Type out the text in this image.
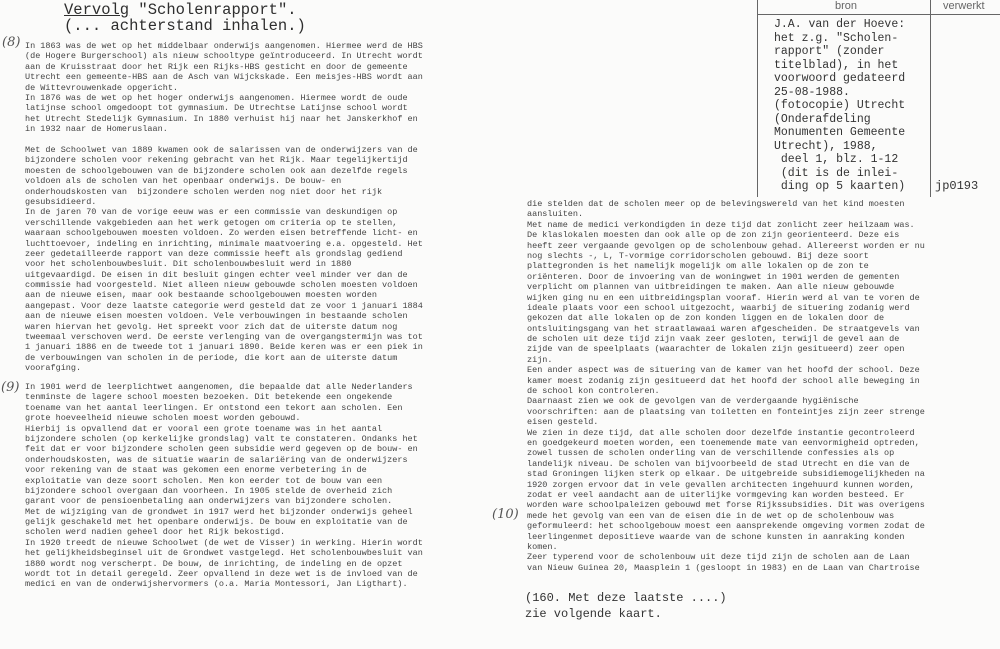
Vervolg "Scholenrapport".
(... achterstand inhalen.)
(8)
(9)
(10)
bron	verwerkt
J.A. van der Hoeve:
het z.g. "Scholen-
rapport" (zonder
titelblad), in het
voorwoord gedateerd
25-08-1988.
(fotocopie) Utrecht
(Onderafdeling
Monumenten Gemeente
Utrecht), 1988,
deel 1, blz. 1-12
(dit is de inlei-
ding op 5 kaarten) jp0193
In 1863 was de wet op het middelbaar onderwijs aangenomen. Hiermee werd de HBS
(de Hogere Burgerschool) als nieuw schooltype geïntroduceerd. In Utrecht wordt
aan de Kruisstraat door het Rijk een Rijks-HBS gesticht en door de gemeente
Utrecht een gemeente-HBS aan de Asch van Wijckskade. Een meisjes-HBS wordt aan
de Wittevrouwenkade opgericht.
In 1876 was de wet op het hoger onderwijs aangenomen. Hiermee wordt de oude
latijnse school omgedoopt tot gymnasium. De Utrechtse Latijnse school wordt
het Utrecht Stedelijk Gymnasium. In 1880 verhuist hij naar het Janskerkhof en
in 1932 naar de Homeruslaan.
Met de Schoolwet van 1889 kwamen ook de salarissen van de onderwijzers van de
bijzondere scholen voor rekening gebracht van het Rijk. Maar tegelijkertijd
moesten de schoolgebouwen van de bijzondere scholen ook aan dezelfde regels
voldoen als de scholen van het openbaar onderwijs. De bouw- en
onderhoudskosten van  bijzondere scholen werden nog niet door het rijk
gesubsidieerd.
In de jaren 70 van de vorige eeuw was er een commissie van deskundigen op
verschillende vakgebieden aan het werk getogen om criteria op te stellen,
waaraan schoolgebouwen moesten voldoen. Zo werden eisen betreffende licht- en
luchttoevoer, indeling en inrichting, minimale maatvoering e.a. opgesteld. Het
zeer gedetailleerde rapport van deze commissie heeft als grondslag gediend
voor het scholenbouwbesluit. Dit scholenbouwbesluit werd in 1880
uitgevaardigd. De eisen in dit besluit gingen echter veel minder ver dan de
commissie had voorgesteld. Niet alleen nieuw gebouwde scholen moesten voldoen
aan de nieuwe eisen, maar ook bestaande schoolgebouwen moesten worden
aangepast. Voor deze laatste categorie werd gesteld dat ze voor 1 januari 1884
aan de nieuwe eisen moesten voldoen. Vele verbouwingen in bestaande scholen
waren hiervan het gevolg. Het spreekt voor zich dat de uiterste datum nog
tweemaal verschoven werd. De eerste verlenging van de overgangstermijn was tot
1 januari 1886 en de tweede tot 1 januari 1890. Beide keren was er een piek in
de verbouwingen van scholen in de periode, die kort aan de uiterste datum
voorafging.
In 1901 werd de leerplichtwet aangenomen, die bepaalde dat alle Nederlanders
tenminste de lagere school moesten bezoeken. Dit betekende een ongekende
toename van het aantal leerlingen. Er ontstond een tekort aan scholen. Een
grote hoeveelheid nieuwe scholen moest worden gebouwd.
Hierbij is opvallend dat er vooral een grote toename was in het aantal
bijzondere scholen (op kerkelijke grondslag) valt te constateren. Ondanks het
feit dat er voor bijzondere scholen geen subsidie werd gegeven op de bouw- en
onderhoudskosten, was de situatie waarin de salariëring van de onderwijzers
voor rekening van de staat was gekomen een enorme verbetering in de
exploitatie van deze soort scholen. Men kon eerder tot de bouw van een
bijzondere school overgaan dan voorheen. In 1905 stelde de overheid zich
garant voor de pensioenbetaling aan onderwijzers van bijzondere scholen.
Met de wijziging van de grondwet in 1917 werd het bijzonder onderwijs geheel
gelijk geschakeld met het openbare onderwijs. De bouw en exploitatie van de
scholen werd nadien geheel door het Rijk bekostigd.
In 1920 treedt de nieuwe Schoolwet (de wet de Visser) in werking. Hierin wordt
het gelijkheidsbeginsel uit de Grondwet vastgelegd. Het scholenbouwbesluit van
1880 wordt nog verscherpt. De bouw, de inrichting, de indeling en de opzet
wordt tot in detail geregeld. Zeer opvallend in deze wet is de invloed van de
medici en van de onderwijshervormers (o.a. Maria Montessori, Jan Ligthart).
die stelden dat de scholen meer op de belevingswereld van het kind moesten
aansluiten.
Met name de medici verkondigden in deze tijd dat zonlicht zeer heilzaam was.
De klaslokalen moesten dan ook alle op de zon zijn georienteerd. Deze eis
heeft zeer vergaande gevolgen op de scholenbouw gehad. Allereerst worden er nu
nog slechts -, L, T-vormige corridorscholen gebouwd. Bij deze soort
plattegronden is het namelijk mogelijk om alle lokalen op de zon te
oriënteren. Door de invoering van de woningwet in 1901 werden de gementen
verplicht om plannen van uitbreidingen te maken. Aan alle nieuw gebouwde
wijken ging nu en een uitbreidingsplan vooraf. Hierin werd al van te voren de
ideale plaats voor een school uitgezocht, waarbij de situering zodanig werd
gekozen dat alle lokalen op de zon konden liggen en de lokalen door de
ontsluitingsgang van het straatlawaai waren afgescheiden. De straatgevels van
de scholen uit deze tijd zijn vaak zeer gesloten, terwijl de gevel aan de
zijde van de speelplaats (waarachter de lokalen zijn gesitueerd) zeer open
zijn.
Een ander aspect was de situering van de kamer van het hoofd der school. Deze
kamer moest zodanig zijn gesitueerd dat het hoofd der school alle beweging in
de school kon controleren.
Daarnaast zien we ook de gevolgen van de verdergaande hygiënische
voorschriften: aan de plaatsing van toiletten en fonteintjes zijn zeer strenge
eisen gesteld.
We zien in deze tijd, dat alle scholen door dezelfde instantie gecontroleerd
en goedgekeurd moeten worden, een toenemende mate van eenvormigheid optreden,
zowel tussen de scholen onderling van de verschillende confessies als op
landelijk niveau. De scholen van bijvoorbeeld de stad Utrecht en die van de
stad Groningen lijken sterk op elkaar. De uitgebreide subsidiemogelijkheden na
1920 zorgen ervoor dat in vele gevallen architecten ingehuurd kunnen worden,
zodat er veel aandacht aan de uiterlijke vormgeving kan worden besteed. Er
worden ware schoolpaleizen gebouwd met forse Rijkssubsidies. Dit was overigens
mede het gevolg van een van de eisen die in de wet op de scholenbouw was
geformuleerd: het schoolgebouw moest een aansprekende omgeving vormen zodat de
leerlingenmet depositieve waarde van de schone kunsten in aanraking konden
komen.
Zeer typerend voor de scholenbouw uit deze tijd zijn de scholen aan de Laan
van Nieuw Guinea 20, Maasplein 1 (gesloopt in 1983) en de Laan van Chartroise
(160. Met deze laatste ....)
zie volgende kaart.
